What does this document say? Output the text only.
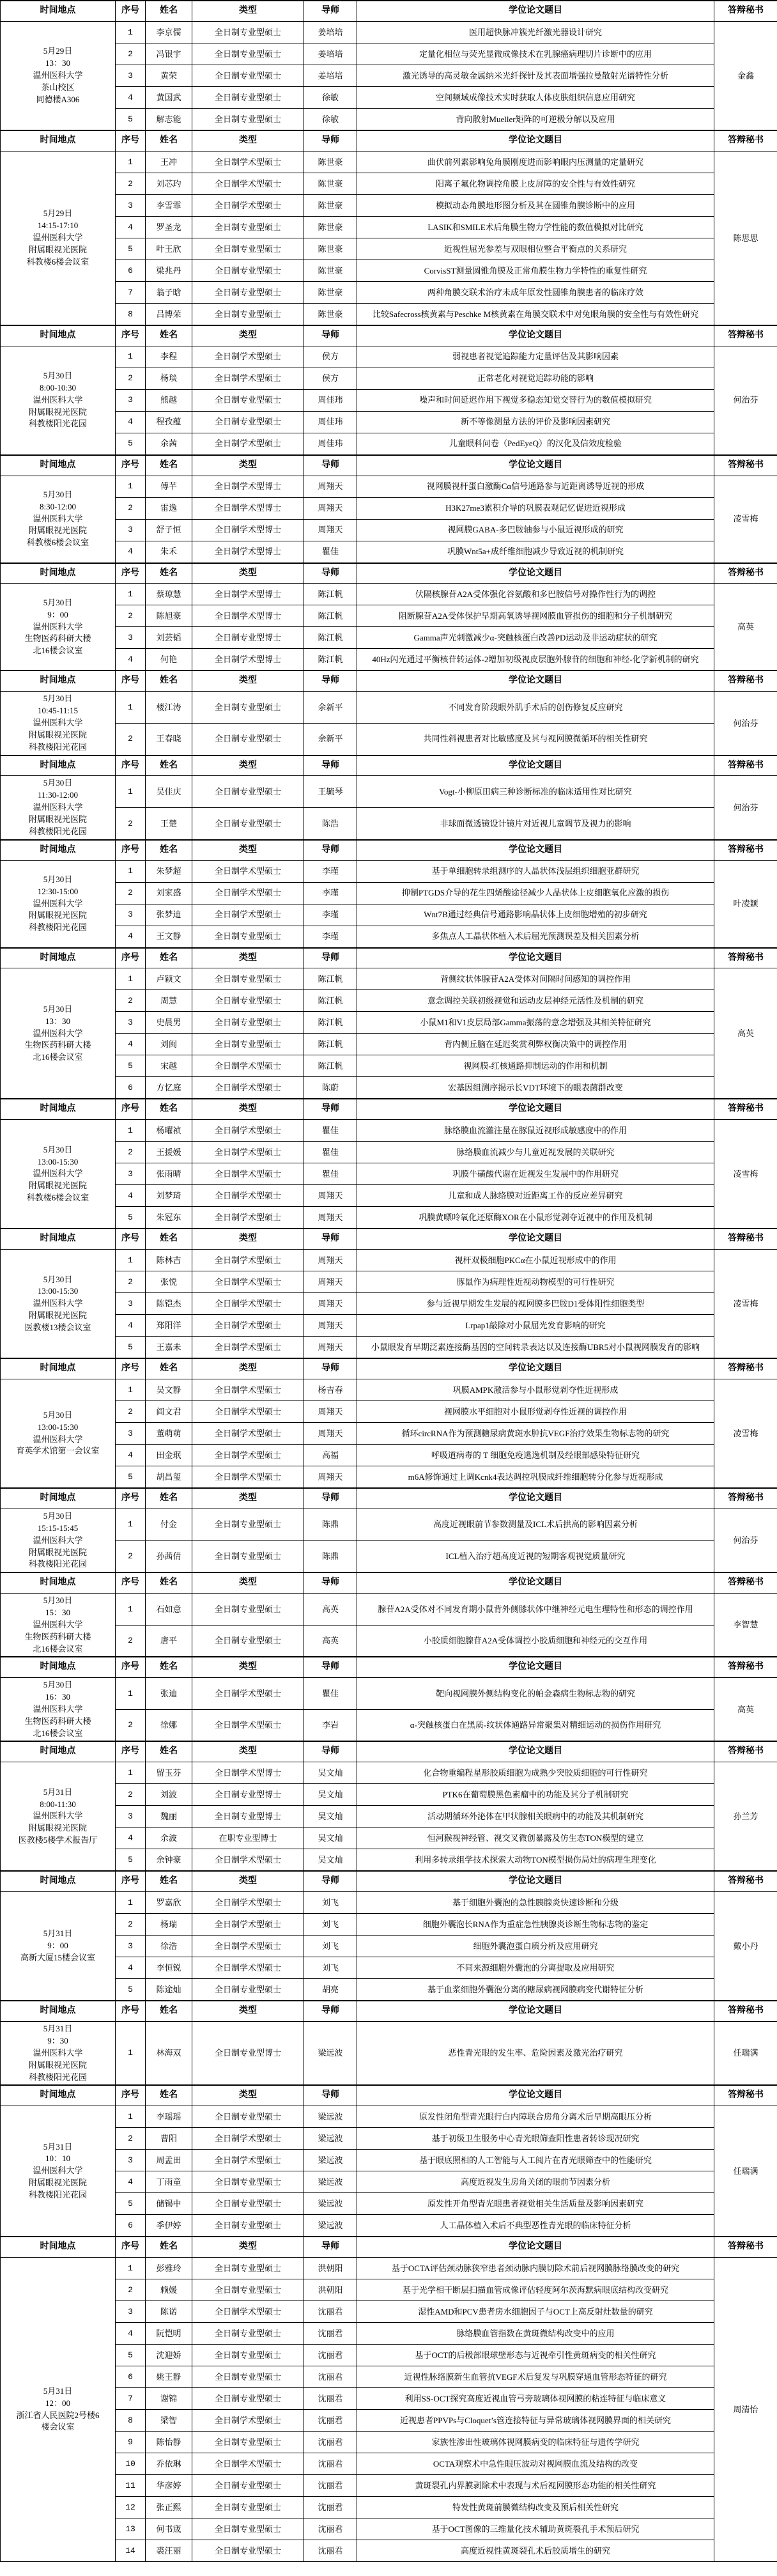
时间地点	序号	姓名	类型	导师	学位论文题目	答辩秘书

5月29日
13：30
温州医科大学
茶山校区
同德楼A306	1	李京儒	全日制专业型硕士	姜培培	医用超快脉冲簇光纤激光器设计研究	金鑫
	2	冯银宇	全日制专业型硕士	姜培培	定量化相位与荧光显微成像技术在乳腺癌病理切片诊断中的应用	
	3	黄荣	全日制专业型硕士	姜培培	激光诱导的高灵敏金属纳米光纤探针及其表面增强拉曼散射光谱特性分析	
	4	黄国武	全日制专业型硕士	徐敏	空间频域成像技术实时获取人体皮肤组织信息应用研究	
	5	解志能	全日制专业型硕士	徐敏	背向散射Mueller矩阵的可逆极分解以及应用	
时间地点	序号	姓名	类型	导师	学位论文题目	答辩秘书

5月29日
14:15-17:10
温州医科大学
附属眼视光医院
科教楼6楼会议室	1	王冲	全日制学术型硕士	陈世豪	曲伏前列素影响兔角膜刚度进而影响眼内压测量的定量研究	陈思思
	2	刘芯玓	全日制学术型硕士	陈世豪	阳离子氟化物调控角膜上皮屏障的安全性与有效性研究	
	3	李雪霏	全日制学术型硕士	陈世豪	模拟动态角膜地形图分析及其在圆锥角膜诊断中的应用	
	4	罗圣龙	全日制专业型硕士	陈世豪	LASIK和SMILE术后角膜生物力学性能的数值模拟对比研究	
	5	叶王欣	全日制专业型硕士	陈世豪	近视性屈光参差与双眼相位整合平衡点的关系研究	
	6	梁兆丹	全日制专业型硕士	陈世豪	CorvisST测量圆锥角膜及正常角膜生物力学特性的重复性研究	
	7	翁子晗	全日制专业型硕士	陈世豪	两种角膜交联术治疗未成年原发性圆锥角膜患者的临床疗效	
	8	吕博荣	全日制专业型硕士	陈世豪	比较Safecross核黄素与Peschke M核黄素在角膜交联术中对兔眼角膜的安全性与有效性研究	
时间地点	序号	姓名	类型	导师	学位论文题目	答辩秘书

5月30日
8:00-10:30
温州医科大学
附属眼视光医院
科教楼阳光花园	1	李程	全日制学术型硕士	侯方	弱视患者视觉追踪能力定量评估及其影响因素	何治芬
	2	杨琰	全日制学术型硕士	侯方	正常老化对视觉追踪功能的影响	
	3	熊越	全日制专业型硕士	周佳玮	噪声和时间延迟作用下视觉多稳态知觉交替行为的数值模拟研究	
	4	程孜蕴	全日制专业型硕士	周佳玮	新不等像测量方法的评价及影响因素研究	
	5	余茜	全日制学术型硕士	周佳玮	儿童眼科问卷（PedEyeQ）的汉化及信效度检验	
时间地点	序号	姓名	类型	导师	学位论文题目	答辩秘书

5月30日
8:30-12:00
温州医科大学
附属眼视光医院
科教楼6楼会议室	1	傅芊	全日制学术型博士	周翔天	视网膜视杆蛋白激酶Cα信号通路参与近距离诱导近视的形成	凌雪梅
	2	雷逸	全日制学术型博士	周翔天	H3K27me3累积介导的巩膜表观记忆促进近视形成	
	3	舒子恒	全日制学术型博士	周翔天	视网膜GABA-多巴胺轴参与小鼠近视形成的研究	
	4	朱禾	全日制学术型博士	瞿佳	巩膜Wnt5a+成纤维细胞减少导致近视的机制研究	
时间地点	序号	姓名	类型	导师	学位论文题目	答辩秘书

5月30日
9：00
温州医科大学
生物医药科研大楼
北16楼会议室	1	蔡琼慧	全日制学术型博士	陈江帆	伏隔核腺苷A2A受体强化谷氨酸和多巴胺信号对操作性行为的调控	高英
	2	陈旭豪	全日制学术型博士	陈江帆	阻断腺苷A2A受体保护早期高氧诱导视网膜血管损伤的细胞和分子机制研究	
	3	刘芸韬	全日制专业型博士	陈江帆	Gamma声光刺激减少α-突触核蛋白改善PD运动及非运动症状的研究	
	4	何艳	全日制学术型博士	陈江帆	40Hz闪光通过平衡核苷转运体-2增加初级视皮层胞外腺苷的细胞和神经-化学新机制的研究	
时间地点	序号	姓名	类型	导师	学位论文题目	答辩秘书

5月30日
10:45-11:15
温州医科大学
附属眼视光医院
科教楼阳光花园	1	楼江涛	全日制专业型硕士	余新平	不同发育阶段眼外肌手术后的创伤修复反应研究	何治芬
	2	王春晓	全日制专业型硕士	余新平	共同性斜视患者对比敏感度及其与视网膜微循环的相关性研究	
时间地点	序号	姓名	类型	导师	学位论文题目	答辩秘书

5月30日
11:30-12:00
温州医科大学
附属眼视光医院
科教楼阳光花园	1	吴佳庆	全日制专业型硕士	王毓琴	Vogt-小柳原田病三种诊断标准的临床适用性对比研究	何治芬
	2	王楚	全日制专业型硕士	陈浩	非球面微透镜设计镜片对近视儿童调节及视力的影响	
时间地点	序号	姓名	类型	导师	学位论文题目	答辩秘书

5月30日
12:30-15:00
温州医科大学
附属眼视光医院
科教楼阳光花园	1	朱梦超	全日制学术型硕士	李瑾	基于单细胞转录组测序的人晶状体浅层组织细胞亚群研究	叶凌颖
	2	刘家盛	全日制学术型硕士	李瑾	抑制PTGDS介导的花生四烯酸途径减少人晶状体上皮细胞氧化应激的损伤	
	3	张梦迪	全日制学术型硕士	李瑾	Wnt7B通过经典信号通路影响晶状体上皮细胞增殖的初步研究	
	4	王文静	全日制专业型硕士	李瑾	多焦点人工晶状体植入术后屈光预测误差及相关因素分析	
时间地点	序号	姓名	类型	导师	学位论文题目	答辩秘书

5月30日
13：30
温州医科大学
生物医药科研大楼
北16楼会议室	1	卢颖文	全日制专业型硕士	陈江帆	背侧纹状体腺苷A2A受体对间隔时间感知的调控作用	高英
	2	周慧	全日制专业型硕士	陈江帆	意念调控关联初级视觉和运动皮层神经元活性及机制的研究	
	3	史晨男	全日制专业型硕士	陈江帆	小鼠M1和V1皮层局部Gamma振荡的意念增强及其相关特征研究	
	4	刘闽	全日制专业型硕士	陈江帆	背内侧丘脑在延迟奖赏利弊权衡决策中的调控作用	
	5	宋越	全日制学术型硕士	陈江帆	视网膜-红核通路抑制运动的作用和机制	
	6	方忆庭	全日制学术型硕士	陈蔚	宏基因组测序揭示长VDT环境下的眼表菌群改变	
时间地点	序号	姓名	类型	导师	学位论文题目	答辩秘书

5月30日
13:00-15:30
温州医科大学
附属眼视光医院
科教楼6楼会议室	1	杨曜祯	全日制学术型硕士	瞿佳	脉络膜血流灌注量在豚鼠近视形成敏感度中的作用	凌雪梅
	2	王援媛	全日制学术型硕士	瞿佳	脉络膜血流减少与儿童近视发展的关联研究	
	3	张雨晴	全日制学术型硕士	瞿佳	巩膜牛磺酸代谢在近视发生发展中的作用研究	
	4	刘梦琦	全日制学术型硕士	周翔天	儿童和成人脉络膜对近距离工作的反应差异研究	
	5	朱冠东	全日制学术型硕士	周翔天	巩膜黄嘌呤氧化还原酶XOR在小鼠形觉剥夺近视中的作用及机制	
时间地点	序号	姓名	类型	导师	学位论文题目	答辩秘书

5月30日
13:00-15:30
温州医科大学
附属眼视光医院
医教楼13楼会议室	1	陈林吉	全日制学术型硕士	周翔天	视杆双极细胞PKCα在小鼠近视形成中的作用	凌雪梅
	2	张悦	全日制学术型硕士	周翔天	豚鼠作为病理性近视动物模型的可行性研究	
	3	陈铠杰	全日制学术型硕士	周翔天	参与近视早期发生发展的视网膜多巴胺D1受体阳性细胞类型	
	4	郑阳洋	全日制学术型硕士	周翔天	Lrpap1敲除对小鼠屈光发育影响的研究	
	5	王嘉未	全日制学术型硕士	周翔天	小鼠眼发育早期泛素连接酶基因的空间转录表达以及连接酶UBR5对小鼠视网膜发育的影响	
时间地点	序号	姓名	类型	导师	学位论文题目	答辩秘书

5月30日
13:00-15:30
温州医科大学
育英学术馆第一会议室	1	吴文静	全日制学术型硕士	杨吉春	巩膜AMPK激活参与小鼠形觉剥夺性近视形成	凌雪梅
	2	阎文君	全日制学术型硕士	周翔天	视网膜水平细胞对小鼠形觉剥夺性近视的调控作用	
	3	董萌萌	全日制学术型硕士	周翔天	循环circRNA作为预测糖尿病黄斑水肿抗VEGF治疗效果生物标志物的研究	
	4	田金珉	全日制学术型硕士	高福	呼吸道病毒的 T 细胞免疫逃逸机制及经眼部感染特征研究	
	5	胡昌玺	全日制学术型硕士	周翔天	m6A修饰通过上调Kcnk4表达调控巩膜成纤维细胞转分化参与近视形成	
时间地点	序号	姓名	类型	导师	学位论文题目	答辩秘书

5月30日
15:15-15:45
温州医科大学
附属眼视光医院
科教楼阳光花园	1	付金	全日制专业型硕士	陈鼎	高度近视眼前节参数测量及ICL术后拱高的影响因素分析	何治芬
	2	孙茜倩	全日制专业型硕士	陈鼎	ICL植入治疗超高度近视的短期客观视觉质量研究	
时间地点	序号	姓名	类型	导师	学位论文题目	答辩秘书

5月30日
15：30
温州医科大学
生物医药科研大楼
北16楼会议室	1	石如意	全日制专业型硕士	高英	腺苷A2A受体对不同发育期小鼠背外侧膝状体中继神经元电生理特性和形态的调控作用	李智慧
	2	唐平	全日制专业型硕士	高英	小胶质细胞腺苷A2A受体调控小胶质细胞和神经元的交互作用	
时间地点	序号	姓名	类型	导师	学位论文题目	答辩秘书

5月30日
16：30
温州医科大学
生物医药科研大楼
北16楼会议室	1	张迪	全日制学术型硕士	瞿佳	靶向视网膜外侧结构变化的帕金森病生物标志物的研究	高英
	2	徐娜	全日制学术型硕士	李岩	α-突触核蛋白在黑质-纹状体通路异常聚集对精细运动的损伤作用研究	
时间地点	序号	姓名	类型	导师	学位论文题目	答辩秘书

5月31日
8:00-11:30
温州医科大学
附属眼视光医院
医教楼5楼学术报告厅	1	留玉芬	全日制学术型博士	吴文灿	化合物重编程星形胶质细胞为成熟少突胶质细胞的可行性研究	孙兰芳
	2	刘波	全日制专业型博士	吴文灿	PTK6在葡萄膜黑色素瘤中的功能及其分子机制研究	
	3	魏丽	全日制专业型博士	吴文灿	活动期循环外泌体在甲状腺相关眼病中的功能及其机制研究	
	4	余波	在职专业型博士	吴文灿	恒河猴视神经管、视交叉微创暴露及仿生态TON模型的建立	
	5	余钟豪	全日制学术型硕士	吴文灿	利用多转录组学技术探索大动物TON模型损伤局灶的病理生理变化	
时间地点	序号	姓名	类型	导师	学位论文题目	答辩秘书

5月31日
9：00
高新大厦15楼会议室	1	罗嘉欣	全日制学术型硕士	刘飞	基于细胞外囊泡的急性胰腺炎快速诊断和分级	戴小丹
	2	杨瑞	全日制学术型硕士	刘飞	细胞外囊泡长RNA作为重症急性胰腺炎诊断生物标志物的鉴定	
	3	徐浩	全日制学术型硕士	刘飞	细胞外囊泡蛋白质分析及应用研究	
	4	李恒锐	全日制学术型硕士	刘飞	不同来源细胞外囊泡的分离提取及应用研究	
	5	陈途灿	全日制专业型硕士	胡亮	基于血浆细胞外囊泡分离的糖尿病视网膜病变代谢特征分析	
时间地点	序号	姓名	类型	导师	学位论文题目	答辩秘书

5月31日
9：30
温州医科大学
附属眼视光医院
科教楼阳光花园	1	林海双	全日制专业型博士	梁远波	恶性青光眼的发生率、危险因素及激光治疗研究	任瑞满
时间地点	序号	姓名	类型	导师	学位论文题目	答辩秘书

5月31日
10：10
温州医科大学
附属眼视光医院
科教楼阳光花园	1	李瑶瑶	全日制专业型硕士	梁远波	原发性闭角型青光眼行白内障联合房角分离术后早期高眼压分析	任瑞满
	2	曹阳	全日制学术型硕士	梁远波	基于初级卫生服务中心青光眼筛查阳性患者转诊现况研究	
	3	周孟田	全日制学术型硕士	梁远波	基于眼底照相的人工智能与人工阅片在青光眼筛查中的性能研究	
	4	丁雨童	全日制专业型硕士	梁远波	高度近视发生房角关闭的眼前节因素分析	
	5	储锡中	全日制专业型硕士	梁远波	原发性开角型青光眼患者视觉相关生活质量及影响因素研究	
	6	季伊婷	全日制专业型硕士	梁远波	人工晶体植入术后不典型恶性青光眼的临床特征分析	
时间地点	序号	姓名	类型	导师	学位论文题目	答辩秘书

5月31日
12：00
浙江省人民医院2号楼6
楼会议室	1	彭雅玲	全日制专业型硕士	洪朝阳	基于OCTA评估颈动脉狭窄患者颈动脉内膜切除术前后视网膜脉络膜改变的研究	周清怡
	2	赖媛	全日制专业型硕士	洪朝阳	基于光学相干断层扫描血管成像评估轻度阿尔茨海默病眼底结构改变研究	
	3	陈诺	全日制学术型硕士	沈丽君	湿性AMD和PCV患者房水细胞因子与OCT上高反射灶数量的研究	
	4	阮恺明	全日制专业型硕士	沈丽君	脉络膜血管指数在黄斑微结构改变中的应用	
	5	沈迎娇	全日制专业型硕士	沈丽君	基于OCT的后极部眼球壁形态与近视牵引性黄斑病变的相关性研究	
	6	姚王静	全日制专业型硕士	沈丽君	近视性脉络膜新生血管抗VEGF术后复发与巩膜穿通血管形态特征的研究	
	7	谢锦	全日制专业型硕士	沈丽君	利用SS-OCT探究高度近视血管弓旁玻璃体视网膜的粘连特征与临床意义	
	8	梁智	全日制学术型硕士	沈丽君	近视患者PPVPs与Cloquet’s管连接特征与异常玻璃体视网膜界面的相关研究	
	9	陈怡静	全日制专业型硕士	沈丽君	家族性渗出性玻璃体视网膜病变的临床特征与遗传学研究	
	10	乔依琳	全日制学术型硕士	沈丽君	OCTA观察术中急性眼压波动对视网膜血流及结构的改变	
	11	华彦婷	全日制专业型硕士	沈丽君	黄斑裂孔内界膜剥除术中表现与术后视网膜形态功能的相关性研究	
	12	张正熙	全日制专业型硕士	沈丽君	特发性黄斑前膜微结构改变及预后相关性研究	
	13	何书宬	全日制专业型硕士	沈丽君	基于OCT图像的三维量化技术辅助黄斑裂孔手术预后研究	
	14	裘汪丽	全日制专业型硕士	沈丽君	高度近视性黄斑裂孔术后胶质增生的研究	
